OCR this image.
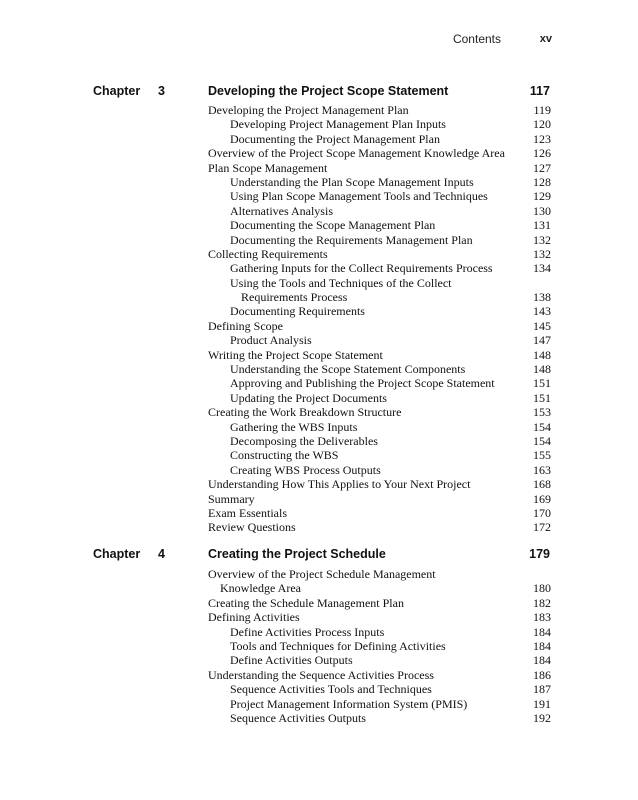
Contents	xv
Chapter 3	Developing the Project Scope Statement	117
Developing the Project Management Plan	119
Developing Project Management Plan Inputs	120
Documenting the Project Management Plan	123
Overview of the Project Scope Management Knowledge Area 126
Plan Scope Management	127
Understanding the Plan Scope Management Inputs	128
Using Plan Scope Management Tools and Techniques	129
Alternatives Analysis	130
Documenting the Scope Management Plan	131
Documenting the Requirements Management Plan	132
Collecting Requirements	132
Gathering Inputs for the Collect Requirements Process	134
Using the Tools and Techniques of the Collect
Requirements Process	138
Documenting Requirements	143
Defining Scope	145
Product Analysis	147
Writing the Project Scope Statement	148
Understanding the Scope Statement Components	148
Approving and Publishing the Project Scope Statement	151
Updating the Project Documents	151
Creating the Work Breakdown Structure	153
Gathering the WBS Inputs	154
Decomposing the Deliverables	154
Constructing the WBS	155
Creating WBS Process Outputs	163
Understanding How This Applies to Your Next Project	168
Summary	169
Exam Essentials	170
Review Questions	172
Chapter 4	Creating the Project Schedule	179
Overview of the Project Schedule Management
Knowledge Area	180
Creating the Schedule Management Plan	182
Defining Activities	183
Define Activities Process Inputs	184
Tools and Techniques for Defining Activities	184
Define Activities Outputs	184
Understanding the Sequence Activities Process	186
Sequence Activities Tools and Techniques	187
Project Management Information System (PMIS)	191
Sequence Activities Outputs	192
